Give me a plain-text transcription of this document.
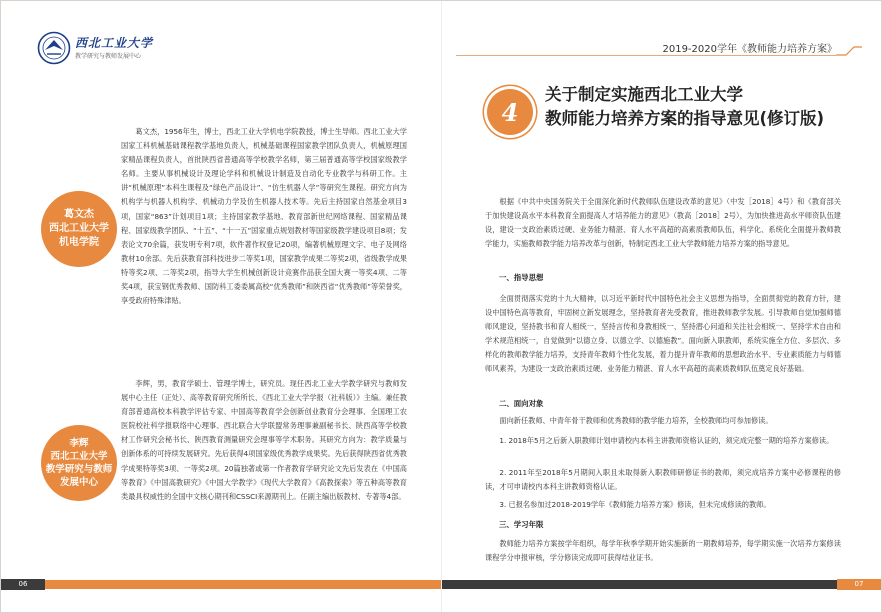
西北工业大学
教学研究与教师发展中心
2019-2020学年《教师能力培养方案》
葛文杰
西北工业大学
机电学院

葛文杰，1956年生，博士，西北工业大学机电学院教授，博士生导师。西北工业大学国家工科机械基础课程教学基地负责人，机械基础课程国家教学团队负责人，机械原理国家精品课程负责人，首批陕西省普通高等学校教学名师，第三届普通高等学校国家级教学名师。主要从事机械设计及理论学科和机械设计制造及自动化专业教学与科研工作。主讲“机械原理”本科生课程及“绿色产品设计”、“仿生机器人学”等研究生课程。研究方向为机构学与机器人机构学、机械动力学及仿生机器人技术等。先后主持国家自然基金项目3项，国家“863”计划项目1项；主持国家教学基地、教育部新世纪网络课程、国家精品课程、国家级教学团队、“十五”、“十一五”国家重点规划教材等国家级教学建设项目8项；发表论文70余篇，获发明专利7项，软件著作权登记20项，编著机械原理文字、电子及网络教材10余部。先后获教育部科技进步二等奖1项，国家教学成果二等奖2项，省级教学成果特等奖2项、二等奖2项，指导大学生机械创新设计竞赛作品获全国大赛一等奖4项、二等奖4项，获宝钢优秀教师、国防科工委委属高校“优秀教师”和陕西省“优秀教师”等荣誉奖，享受政府特殊津贴。

李辉
西北工业大学
教学研究与教师
发展中心

李辉，男，教育学硕士、管理学博士，研究员。现任西北工业大学教学研究与教师发展中心主任（正处）、高等教育研究所所长、《西北工业大学学报（社科版）》主编。兼任教育部普通高校本科教学评估专家、中国高等教育学会创新创业教育分会理事、全国理工农医院校社科学报联络中心理事、西北联合大学联盟常务理事兼副秘书长、陕西高等学校教材工作研究会秘书长、陕西教育测量研究会理事等学术职务。其研究方向为：教学质量与创新体系的可持续发展研究。先后获得4项国家级优秀教学成果奖。先后获得陕西省优秀教学成果特等奖3项、一等奖2项。20篇独著或第一作者教育学研究论文先后发表在《中国高等教育》《中国高教研究》《中国大学教学》《现代大学教育》《高教探索》等五种高等教育类最具权威性的全国中文核心期刊和CSSCI来源期刊上。任副主编出版教材、专著等4部。

4
关于制定实施西北工业大学
教师能力培养方案的指导意见(修订版)

根据《中共中央国务院关于全面深化新时代教师队伍建设改革的意见》（中发［2018］4号）和《教育部关于加快建设高水平本科教育全面提高人才培养能力的意见》（教高［2018］2号），为加快推进高水平师资队伍建设，建设一支政治素质过硬、业务能力精湛、育人水平高超的高素质教师队伍，科学化、系统化全面提升教师教学能力，实施教师教学能力培养改革与创新，特制定西北工业大学教师能力培养方案的指导意见。

一、指导思想

全面贯彻落实党的十九大精神，以习近平新时代中国特色社会主义思想为指导，全面贯彻党的教育方针，建设中国特色高等教育，牢固树立新发展理念，坚持教育者先受教育，推进教师教学发展。引导教师自觉加强师德师风建设，坚持教书和育人相统一、坚持言传和身教相统一、坚持潜心问道和关注社会相统一、坚持学术自由和学术规范相统一，自觉做到“以德立身、以德立学、以德施教”。面向新入职教师，系统实施全方位、多层次、多样化的教师教学能力培养，支持青年教师个性化发展，着力提升青年教师的思想政治水平、专业素质能力与师德师风素养，为建设一支政治素质过硬、业务能力精湛、育人水平高超的高素质教师队伍奠定良好基础。

二、面向对象

面向新任教师、中青年骨干教师和优秀教师的教学能力培养，全校教师均可参加修读。

1. 2018年5月之后新入职教师计划申请校内本科主讲教师资格认证的，须完成完整一期的培养方案修读。

2. 2011年至2018年5月期间入职且未取得新入职教师研修证书的教师，须完成培养方案中必修课程的修读，才可申请校内本科主讲教师资格认证。

3. 已报名参加过2018-2019学年《教师能力培养方案》修读，但未完成修读的教师。

三、学习年限

教师能力培养方案按学年组织，每学年秋季学期开始实施新的一期教师培养，每学期实施一次培养方案修读课程学分申报审核，学分修读完成即可获得结业证书。

06	07
